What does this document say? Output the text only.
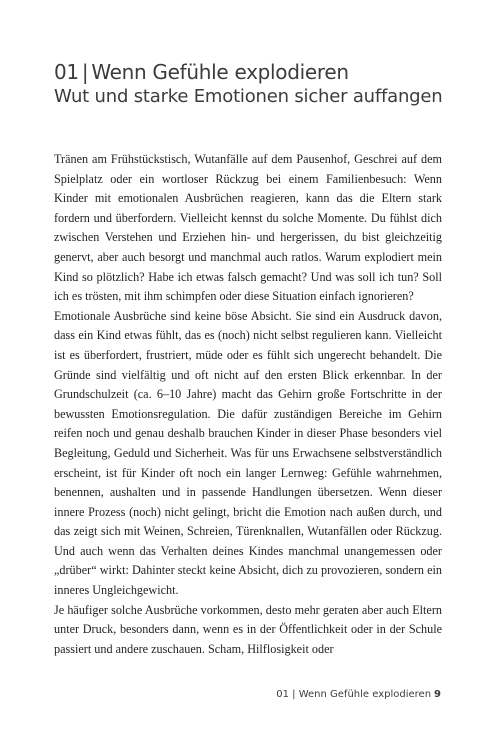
01 | Wenn Gefühle explodieren
Wut und starke Emotionen sicher auffangen

Tränen am Frühstückstisch, Wutanfälle auf dem Pausenhof, Geschrei auf dem Spielplatz oder ein wortloser Rückzug bei einem Familienbesuch: Wenn Kinder mit emotionalen Ausbrüchen reagieren, kann das die Eltern stark fordern und überfordern. Vielleicht kennst du solche Momente. Du fühlst dich zwischen Verstehen und Erziehen hin- und hergerissen, du bist gleichzeitig genervt, aber auch besorgt und manchmal auch ratlos. Warum explodiert mein Kind so plötzlich? Habe ich etwas falsch gemacht? Und was soll ich tun? Soll ich es trösten, mit ihm schimpfen oder diese Situation einfach ignorieren?

Emotionale Ausbrüche sind keine böse Absicht. Sie sind ein Ausdruck davon, dass ein Kind etwas fühlt, das es (noch) nicht selbst regulieren kann. Vielleicht ist es überfordert, frustriert, müde oder es fühlt sich ungerecht behandelt. Die Gründe sind vielfältig und oft nicht auf den ersten Blick erkennbar. In der Grundschulzeit (ca. 6–10 Jahre) macht das Gehirn große Fortschritte in der bewussten Emotionsregulation. Die dafür zuständigen Bereiche im Gehirn reifen noch und genau deshalb brauchen Kinder in dieser Phase besonders viel Begleitung, Geduld und Sicherheit. Was für uns Erwachsene selbstverständlich erscheint, ist für Kinder oft noch ein langer Lernweg: Gefühle wahrnehmen, benennen, aushalten und in passende Handlungen übersetzen. Wenn dieser innere Prozess (noch) nicht gelingt, bricht die Emotion nach außen durch, und das zeigt sich mit Weinen, Schreien, Türenknallen, Wutanfällen oder Rückzug. Und auch wenn das Verhalten deines Kindes manchmal unangemessen oder „drüber“ wirkt: Dahinter steckt keine Absicht, dich zu provozieren, sondern ein inneres Ungleichgewicht.

Je häufiger solche Ausbrüche vorkommen, desto mehr geraten aber auch Eltern unter Druck, besonders dann, wenn es in der Öffentlichkeit oder in der Schule passiert und andere zuschauen. Scham, Hilflosigkeit oder

01 | Wenn Gefühle explodieren 9
